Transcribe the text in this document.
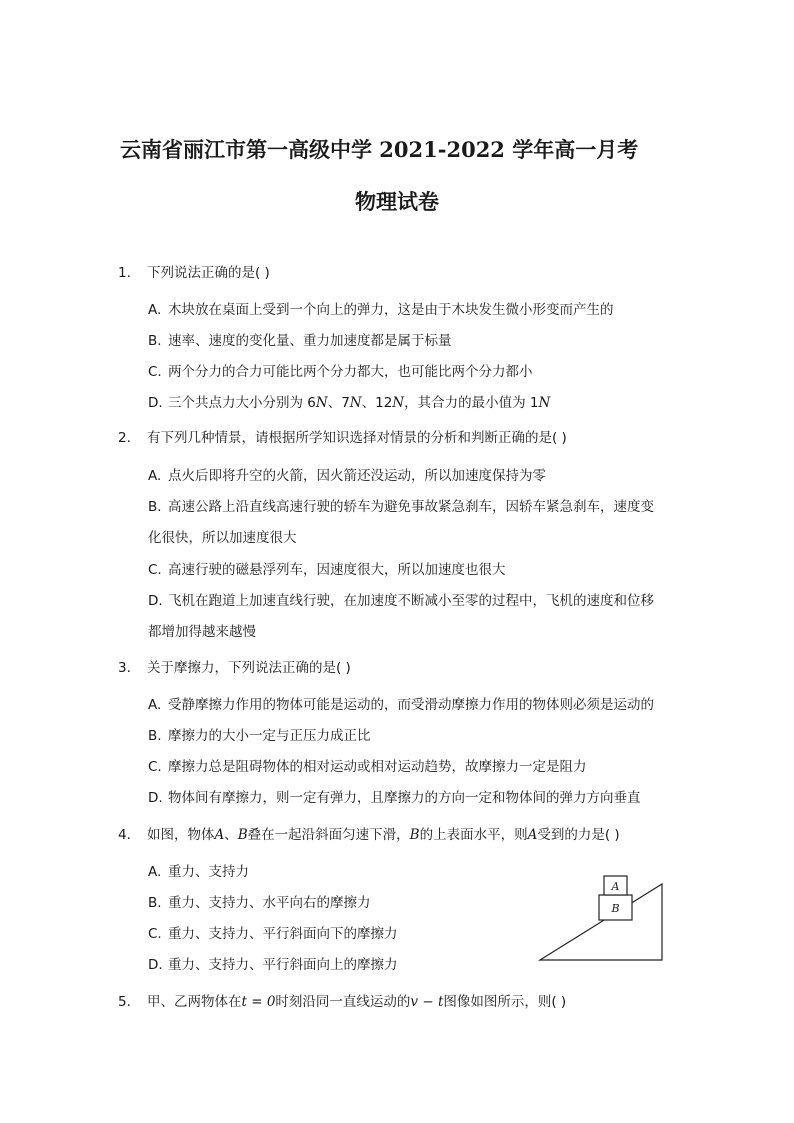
云南省丽江市第一高级中学 2021-2022 学年高一月考
物理试卷
1. 下列说法正确的是( )
A. 木块放在桌面上受到一个向上的弹力，这是由于木块发生微小形变而产生的
B. 速率、速度的变化量、重力加速度都是属于标量
C. 两个分力的合力可能比两个分力都大，也可能比两个分力都小
D. 三个共点力大小分别为 6N、7N、12N，其合力的最小值为 1N
2. 有下列几种情景，请根据所学知识选择对情景的分析和判断正确的是( )
A. 点火后即将升空的火箭，因火箭还没运动，所以加速度保持为零
B. 高速公路上沿直线高速行驶的轿车为避免事故紧急刹车，因轿车紧急刹车，速度变
化很快，所以加速度很大
C. 高速行驶的磁悬浮列车，因速度很大，所以加速度也很大
D. 飞机在跑道上加速直线行驶，在加速度不断减小至零的过程中，飞机的速度和位移
都增加得越来越慢
3. 关于摩擦力，下列说法正确的是( )
A. 受静摩擦力作用的物体可能是运动的，而受滑动摩擦力作用的物体则必须是运动的
B. 摩擦力的大小一定与正压力成正比
C. 摩擦力总是阻碍物体的相对运动或相对运动趋势，故摩擦力一定是阻力
D. 物体间有摩擦力，则一定有弹力，且摩擦力的方向一定和物体间的弹力方向垂直
4. 如图，物体A、B叠在一起沿斜面匀速下滑，B的上表面水平，则A受到的力是( )
A. 重力、支持力
B. 重力、支持力、水平向右的摩擦力
C. 重力、支持力、平行斜面向下的摩擦力
D. 重力、支持力、平行斜面向上的摩擦力
A
B
5. 甲、乙两物体在t = 0时刻沿同一直线运动的v − t图像如图所示，则( )
